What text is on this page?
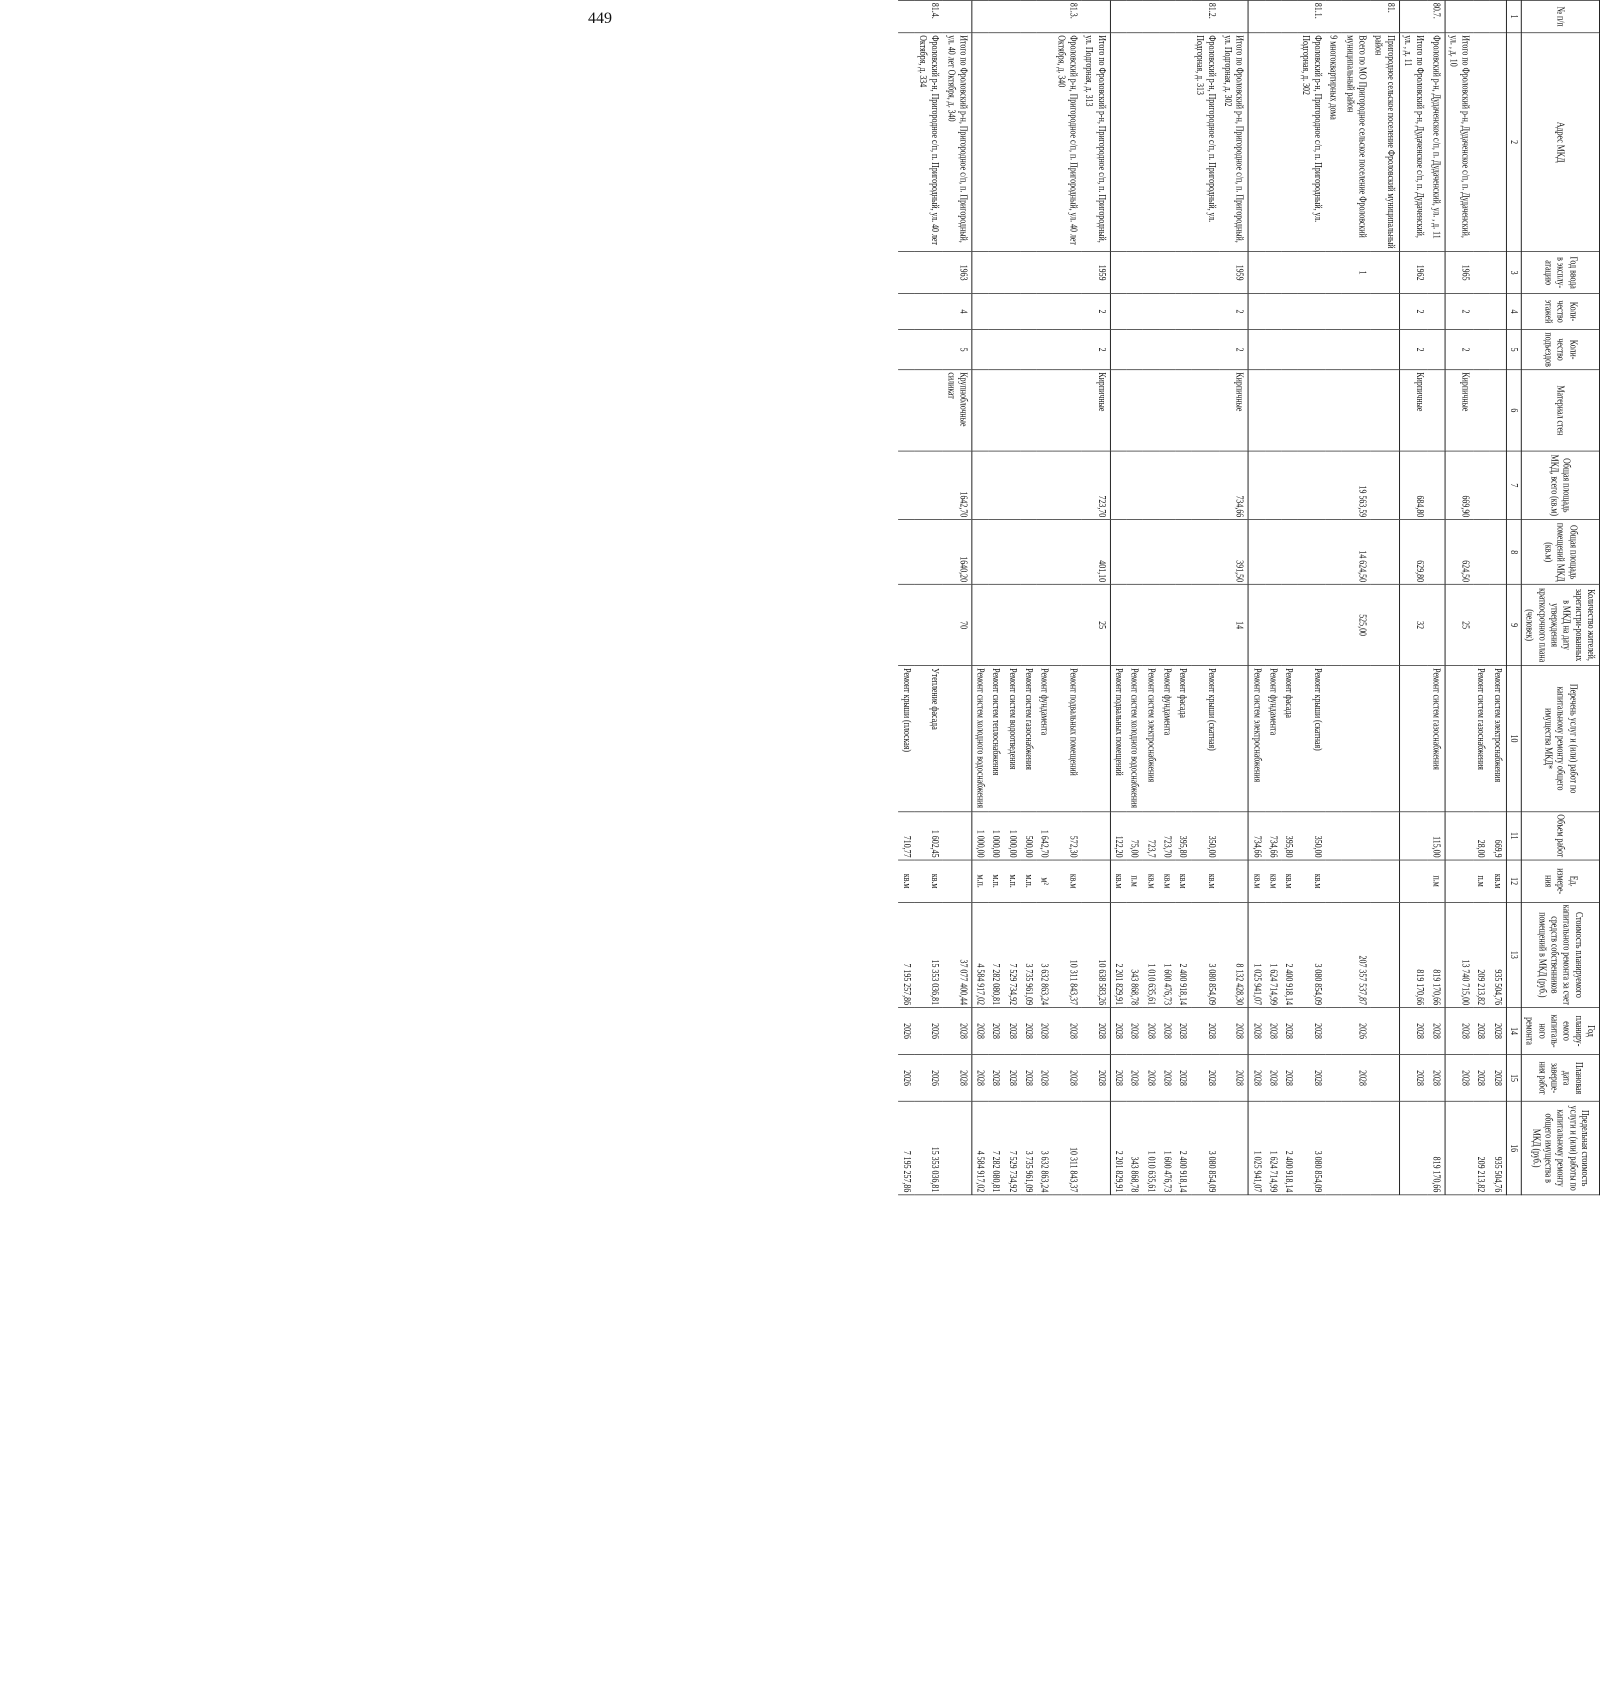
449	№ п/п	Адрес МКД	Год ввода в эксплу-атацию	Коли-чество этажей	Коли-чество подъездов	Материал стен	Общая площадь МКД, всего (кв.м)	Общая площадь помещений МКД (кв.м)	Количество жителей, зарегистри-рованных в МКД на дату утверждения краткосрочного плана (человек)	Перечень услуг и (или) работ по капитальному ремонту общего имущества МКД*	Объем работ	Ед. измере-ния	Стоимость планируемого капитального ремонта за счет средств собственников помещений в МКД (руб.)	Год планиру-емого капиталь-ного ремонта	Плановая дата заверше-ния работ	Предельная стоимость услуги и (или) работы по капитальному ремонту общего имущества в МКД (руб.)
1	2	3	4	5	6	7	8	9	10	11	12	13	14	15	16
									Ремонт систем электроснабжения	669,9	кв.м	935 504,76	2028	2028	935 504,76
									Ремонт систем газоснабжения	28,00	п.м	209 213,82	2028	2028	209 213,82
	Итого по Фроловский р-н, Дудаченское с/п, п. Дудаченский, ул. , д. 10	1965	2	2	Кирпичные	669,90	624,50	25				13 740 715,00	2028	2028	

80.7.	Фроловский р-н, Дудаченское с/п, п. Дудаченский, ул. , д. 11								Ремонт систем газоснабжения	115,00	п.м	819 170,66	2028	2028	819 170,66
	Итого по Фроловский р-н, Дудаченское с/п, п. Дудаченский, ул. , д. 11	1962	2	2	Кирпичные	684,80	629,80	32				819 170,66	2028	2028	

81.	Пригородное сельское поселение Фроловский муниципальный район														
	Всего по МО Пригородное сельское поселение Фроловский муниципальный район	1				19 563,59	14 624,50	525,00				207 357 537,87	2026	2028	
	9 многоквартирных дома														
81.1.	Фроловский р-н, Пригородное с/п, п. Пригородный, ул. Подгорная, д. 302								Ремонт крыши (скатная)	350,00	кв.м	3 080 854,09	2028	2028	3 080 854,09
									Ремонт фасада	395,80	кв.м	2 400 918,14	2028	2028	2 400 918,14
									Ремонт фундамента	734,66	кв.м	1 624 714,99	2028	2028	1 624 714,99
									Ремонт систем электроснабжения	734,66	кв.м	1 025 941,07	2028	2028	1 025 941,07

	Итого по Фроловский р-н, Пригородное с/п, п. Пригородный, ул. Подгорная, д. 302	1959	2	2	Кирпичные	734,66	391,50	14				8 132 428,30	2028	2028	
81.2.	Фроловский р-н, Пригородное с/п, п. Пригородный, ул. Подгорная, д. 313								Ремонт крыши (скатная)	350,00	кв.м	3 080 854,09	2028	2028	3 080 854,09
									Ремонт фасада	395,80	кв.м	2 400 918,14	2028	2028	2 400 918,14
									Ремонт фундамента	723,70	кв.м	1 600 476,73	2028	2028	1 600 476,73
									Ремонт систем электроснабжения	723,7	кв.м	1 010 635,61	2028	2028	1 010 635,61
									Ремонт систем холодного водоснабжения	75,00	п.м	343 868,78	2028	2028	343 868,78
									Ремонт подвальных помещений	122,20	кв.м	2 201 829,91	2028	2028	2 201 829,91

	Итого по Фроловский р-н, Пригородное с/п, п. Пригородный, ул. Подгорная, д. 313	1959	2	2	Кирпичные	723,70	401,10	25				10 638 583,26	2028	2028	
81.3.	Фроловский р-н, Пригородное с/п, п. Пригородный, ул. 40 лет Октября, д. 340								Ремонт подвальных помещений	572,30	кв.м	10 311 843,37	2028	2028	10 311 843,37
									Ремонт фундамента	1 642,70	м²	3 632 863,24	2028	2028	3 632 863,24
									Ремонт систем газоснабжения	500,00	м.п.	3 735 961,09	2028	2028	3 735 961,09
									Ремонт систем водоотведения	1 000,00	м.п.	7 529 734,92	2028	2028	7 529 734,92
									Ремонт систем теплоснабжения	1 000,00	м.п.	7 282 080,81	2028	2028	7 282 080,81
									Ремонт систем холодного водоснабжения	1 000,00	м.п.	4 584 917,02	2028	2028	4 584 917,02

	Итого по Фроловский р-н, Пригородное с/п, п. Пригородный, ул. 40 лет Октября, д. 340	1963	4	5	Крупноблочные силикат	1642,70	1640,20	70				37 077 400,44	2028	2028	
81.4.	Фроловский р-н, Пригородное с/п, п. Пригородный, ул. 40 лет Октября, д. 334								Утепление фасада	1 602,45	кв.м	15 353 036,81	2026	2026	15 353 036,81
									Ремонт крыши (плоская)	710,77	кв.м	7 195 257,86	2026	2026	7 195 257,86
